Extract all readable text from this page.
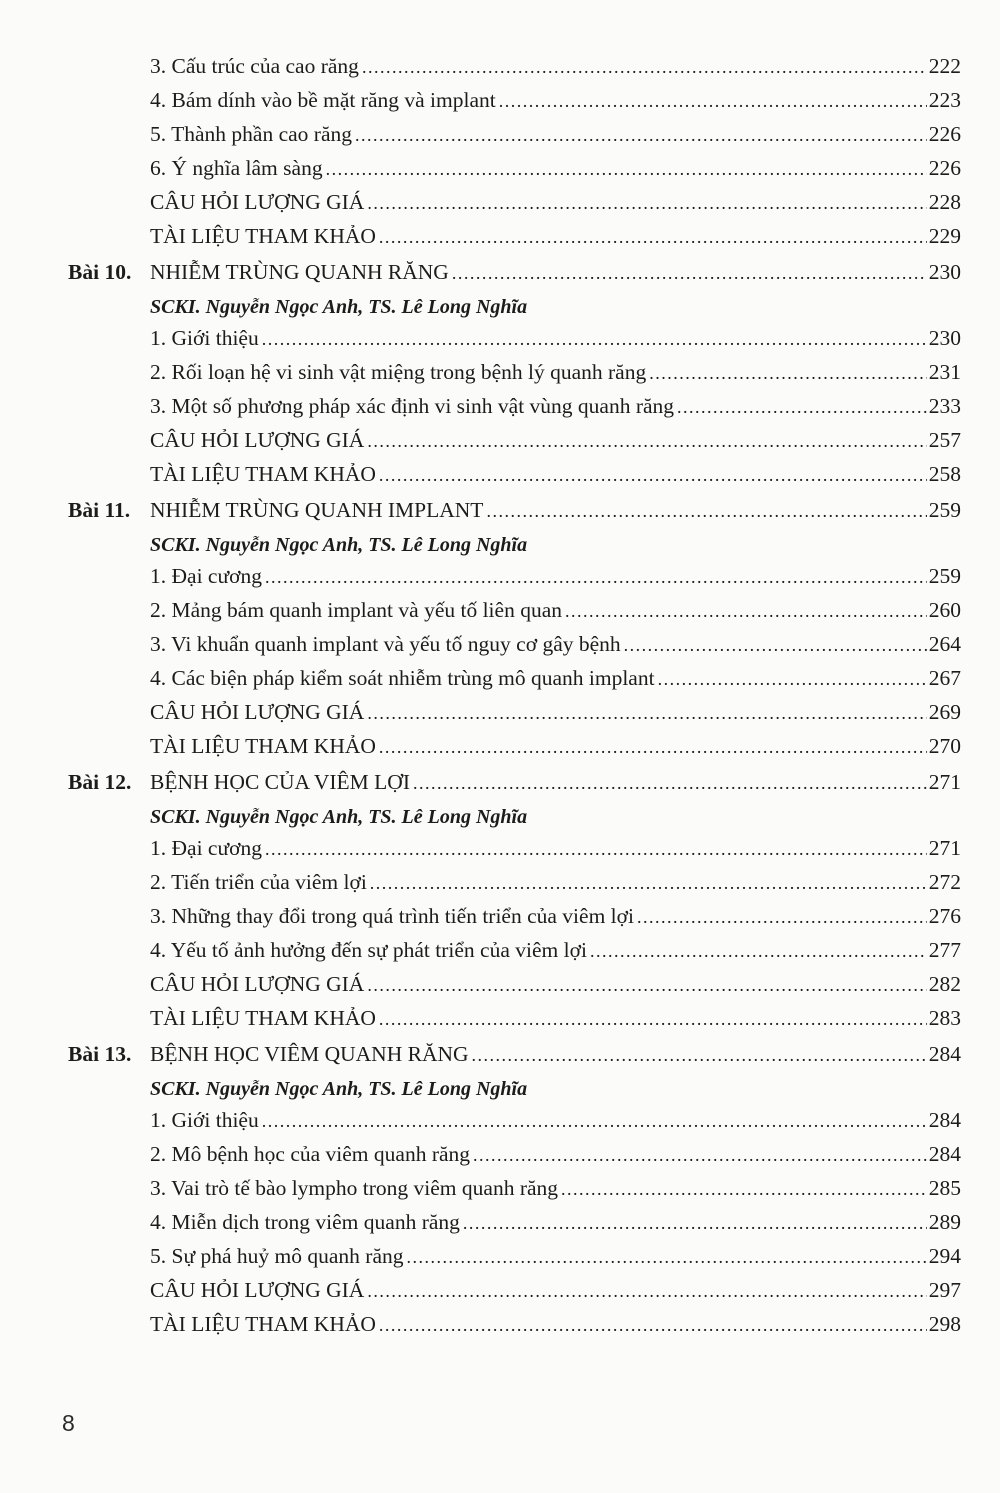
3. Cấu trúc của cao răng .....	222
4. Bám dính vào bề mặt răng và implant .....	223
5. Thành phần cao răng .....	226
6. Ý nghĩa lâm sàng .....	226
CÂU HỎI LƯỢNG GIÁ .....	228
TÀI LIỆU THAM KHẢO .....	229
Bài 10. NHIỄM TRÙNG QUANH RĂNG .....	230
SCKI. Nguyễn Ngọc Anh, TS. Lê Long Nghĩa
1. Giới thiệu .....	230
2. Rối loạn hệ vi sinh vật miệng trong bệnh lý quanh răng .....	231
3. Một số phương pháp xác định vi sinh vật vùng quanh răng .....	233
CÂU HỎI LƯỢNG GIÁ .....	257
TÀI LIỆU THAM KHẢO .....	258
Bài 11. NHIỄM TRÙNG QUANH IMPLANT .....	259
SCKI. Nguyễn Ngọc Anh, TS. Lê Long Nghĩa
1. Đại cương .....	259
2. Mảng bám quanh implant và yếu tố liên quan .....	260
3. Vi khuẩn quanh implant và yếu tố nguy cơ gây bệnh .....	264
4. Các biện pháp kiểm soát nhiễm trùng mô quanh implant .....	267
CÂU HỎI LƯỢNG GIÁ .....	269
TÀI LIỆU THAM KHẢO .....	270
Bài 12. BỆNH HỌC CỦA VIÊM LỢI .....	271
SCKI. Nguyễn Ngọc Anh, TS. Lê Long Nghĩa
1. Đại cương .....	271
2. Tiến triển của viêm lợi .....	272
3. Những thay đổi trong quá trình tiến triển của viêm lợi .....	276
4. Yếu tố ảnh hưởng đến sự phát triển của viêm lợi .....	277
CÂU HỎI LƯỢNG GIÁ .....	282
TÀI LIỆU THAM KHẢO .....	283
Bài 13. BỆNH HỌC VIÊM QUANH RĂNG .....	284
SCKI. Nguyễn Ngọc Anh, TS. Lê Long Nghĩa
1. Giới thiệu .....	284
2. Mô bệnh học của viêm quanh răng .....	284
3. Vai trò tế bào lympho trong viêm quanh răng .....	285
4. Miễn dịch trong viêm quanh răng .....	289
5. Sự phá huỷ mô quanh răng .....	294
CÂU HỎI LƯỢNG GIÁ .....	297
TÀI LIỆU THAM KHẢO .....	298
8
